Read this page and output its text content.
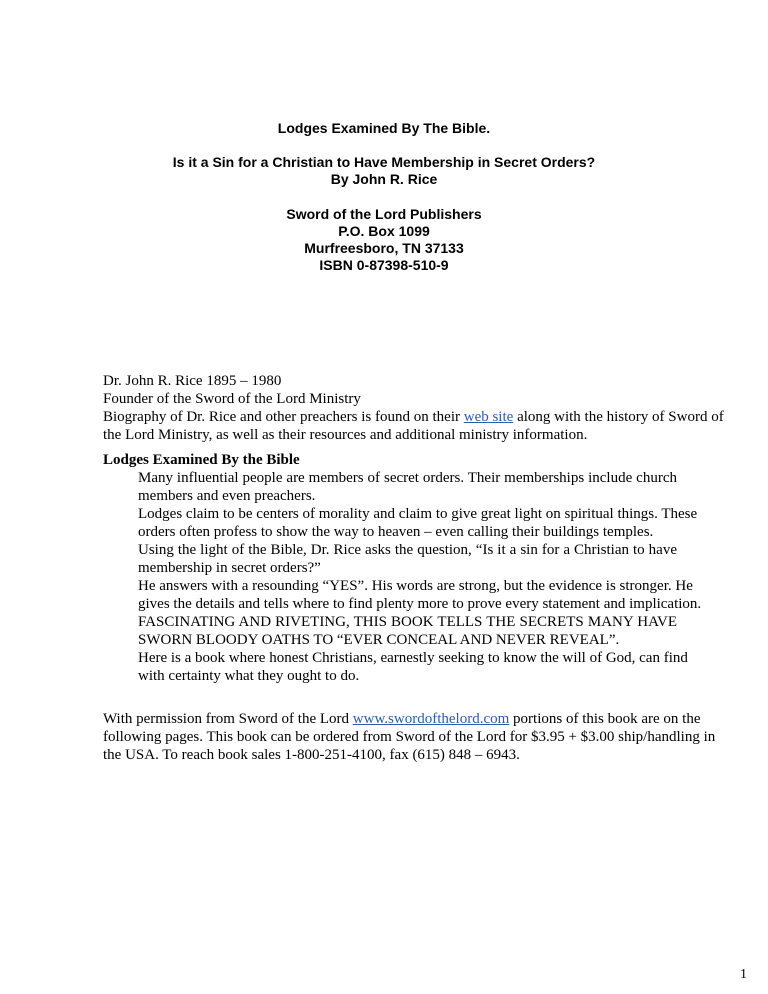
Lodges Examined By The Bible.
Is it a Sin for a Christian to Have Membership in Secret Orders?
By John R. Rice
Sword of the Lord Publishers
P.O. Box 1099
Murfreesboro, TN 37133
ISBN 0-87398-510-9
Dr. John R. Rice 1895 – 1980
Founder of the Sword of the Lord Ministry
Biography of Dr. Rice and other preachers is found on their web site along with the history of Sword of
the Lord Ministry, as well as their resources and additional ministry information.
Lodges Examined By the Bible
Many influential people are members of secret orders. Their memberships include church
members and even preachers.
Lodges claim to be centers of morality and claim to give great light on spiritual things. These
orders often profess to show the way to heaven – even calling their buildings temples.
Using the light of the Bible, Dr. Rice asks the question, “Is it a sin for a Christian to have
membership in secret orders?”
He answers with a resounding “YES”. His words are strong, but the evidence is stronger. He
gives the details and tells where to find plenty more to prove every statement and implication.
FASCINATING AND RIVETING, THIS BOOK TELLS THE SECRETS MANY HAVE
SWORN BLOODY OATHS TO “EVER CONCEAL AND NEVER REVEAL”.
Here is a book where honest Christians, earnestly seeking to know the will of God, can find
with certainty what they ought to do.
With permission from Sword of the Lord www.swordofthelord.com portions of this book are on the
following pages. This book can be ordered from Sword of the Lord for $3.95 + $3.00 ship/handling in
the USA. To reach book sales 1-800-251-4100, fax (615) 848 – 6943.
1
